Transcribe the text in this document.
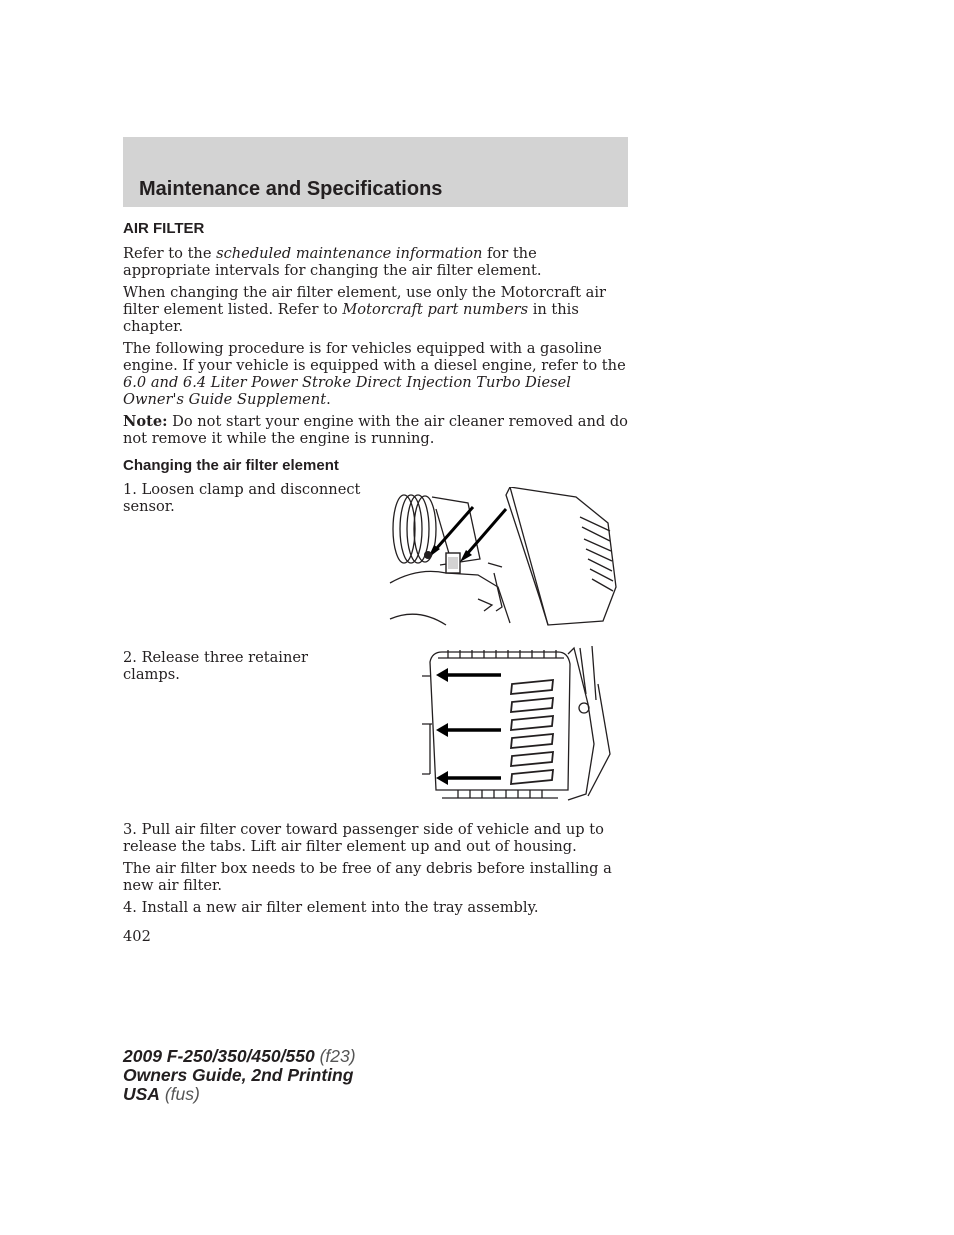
Maintenance and Specifications
AIR FILTER

Refer to the scheduled maintenance information for the appropriate intervals for changing the air filter element.

When changing the air filter element, use only the Motorcraft air filter element listed. Refer to Motorcraft part numbers in this chapter.

The following procedure is for vehicles equipped with a gasoline engine. If your vehicle is equipped with a diesel engine, refer to the 6.0 and 6.4 Liter Power Stroke Direct Injection Turbo Diesel Owner's Guide Supplement.

Note: Do not start your engine with the air cleaner removed and do not remove it while the engine is running.

Changing the air filter element
1. Loosen clamp and disconnect sensor.
2. Release three retainer clamps.

3. Pull air filter cover toward passenger side of vehicle and up to release the tabs. Lift air filter element up and out of housing.

The air filter box needs to be free of any debris before installing a new air filter.

4. Install a new air filter element into the tray assembly.

402

2009 F-250/350/450/550 (f23)
Owners Guide, 2nd Printing
USA (fus)
